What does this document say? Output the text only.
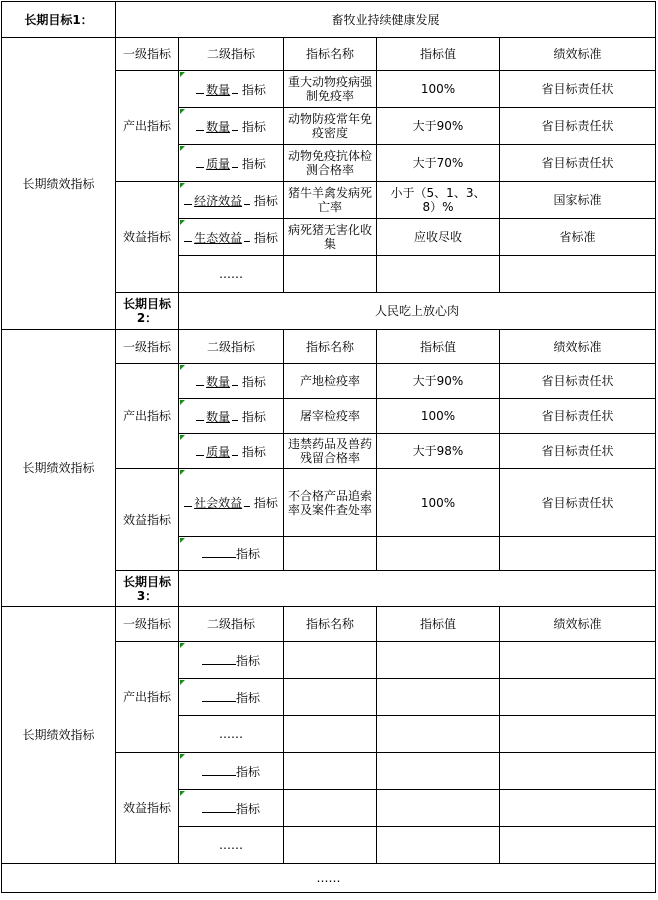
长期目标1：	畜牧业持续健康发展				
长期绩效指标	一级指标	二级指标	指标名称	指标值	绩效标准
	产出指标	数量 指标	重大动物疫病强制免疫率	100%	省目标责任状
		数量 指标	动物防疫常年免疫密度	大于90%	省目标责任状
		质量 指标	动物免疫抗体检测合格率	大于70%	省目标责任状
	效益指标	经济效益 指标	猪牛羊禽发病死亡率	小于（5、1、3、8）%	国家标准
		生态效益 指标	病死猪无害化收集	应收尽收	省标准
		……			
	长期目标2：	人民吃上放心肉			
长期绩效指标	一级指标	二级指标	指标名称	指标值	绩效标准
	产出指标	数量 指标	产地检疫率	大于90%	省目标责任状
		数量 指标	屠宰检疫率	100%	省目标责任状
		质量 指标	违禁药品及兽药残留合格率	大于98%	省目标责任状
	效益指标	社会效益 指标	不合格产品追索率及案件查处率	100%	省目标责任状
		指标			
	长期目标3：				
长期绩效指标	一级指标	二级指标	指标名称	指标值	绩效标准
	产出指标	指标			
		指标			
		……			
	效益指标	指标			
		指标			
		……			
……					
